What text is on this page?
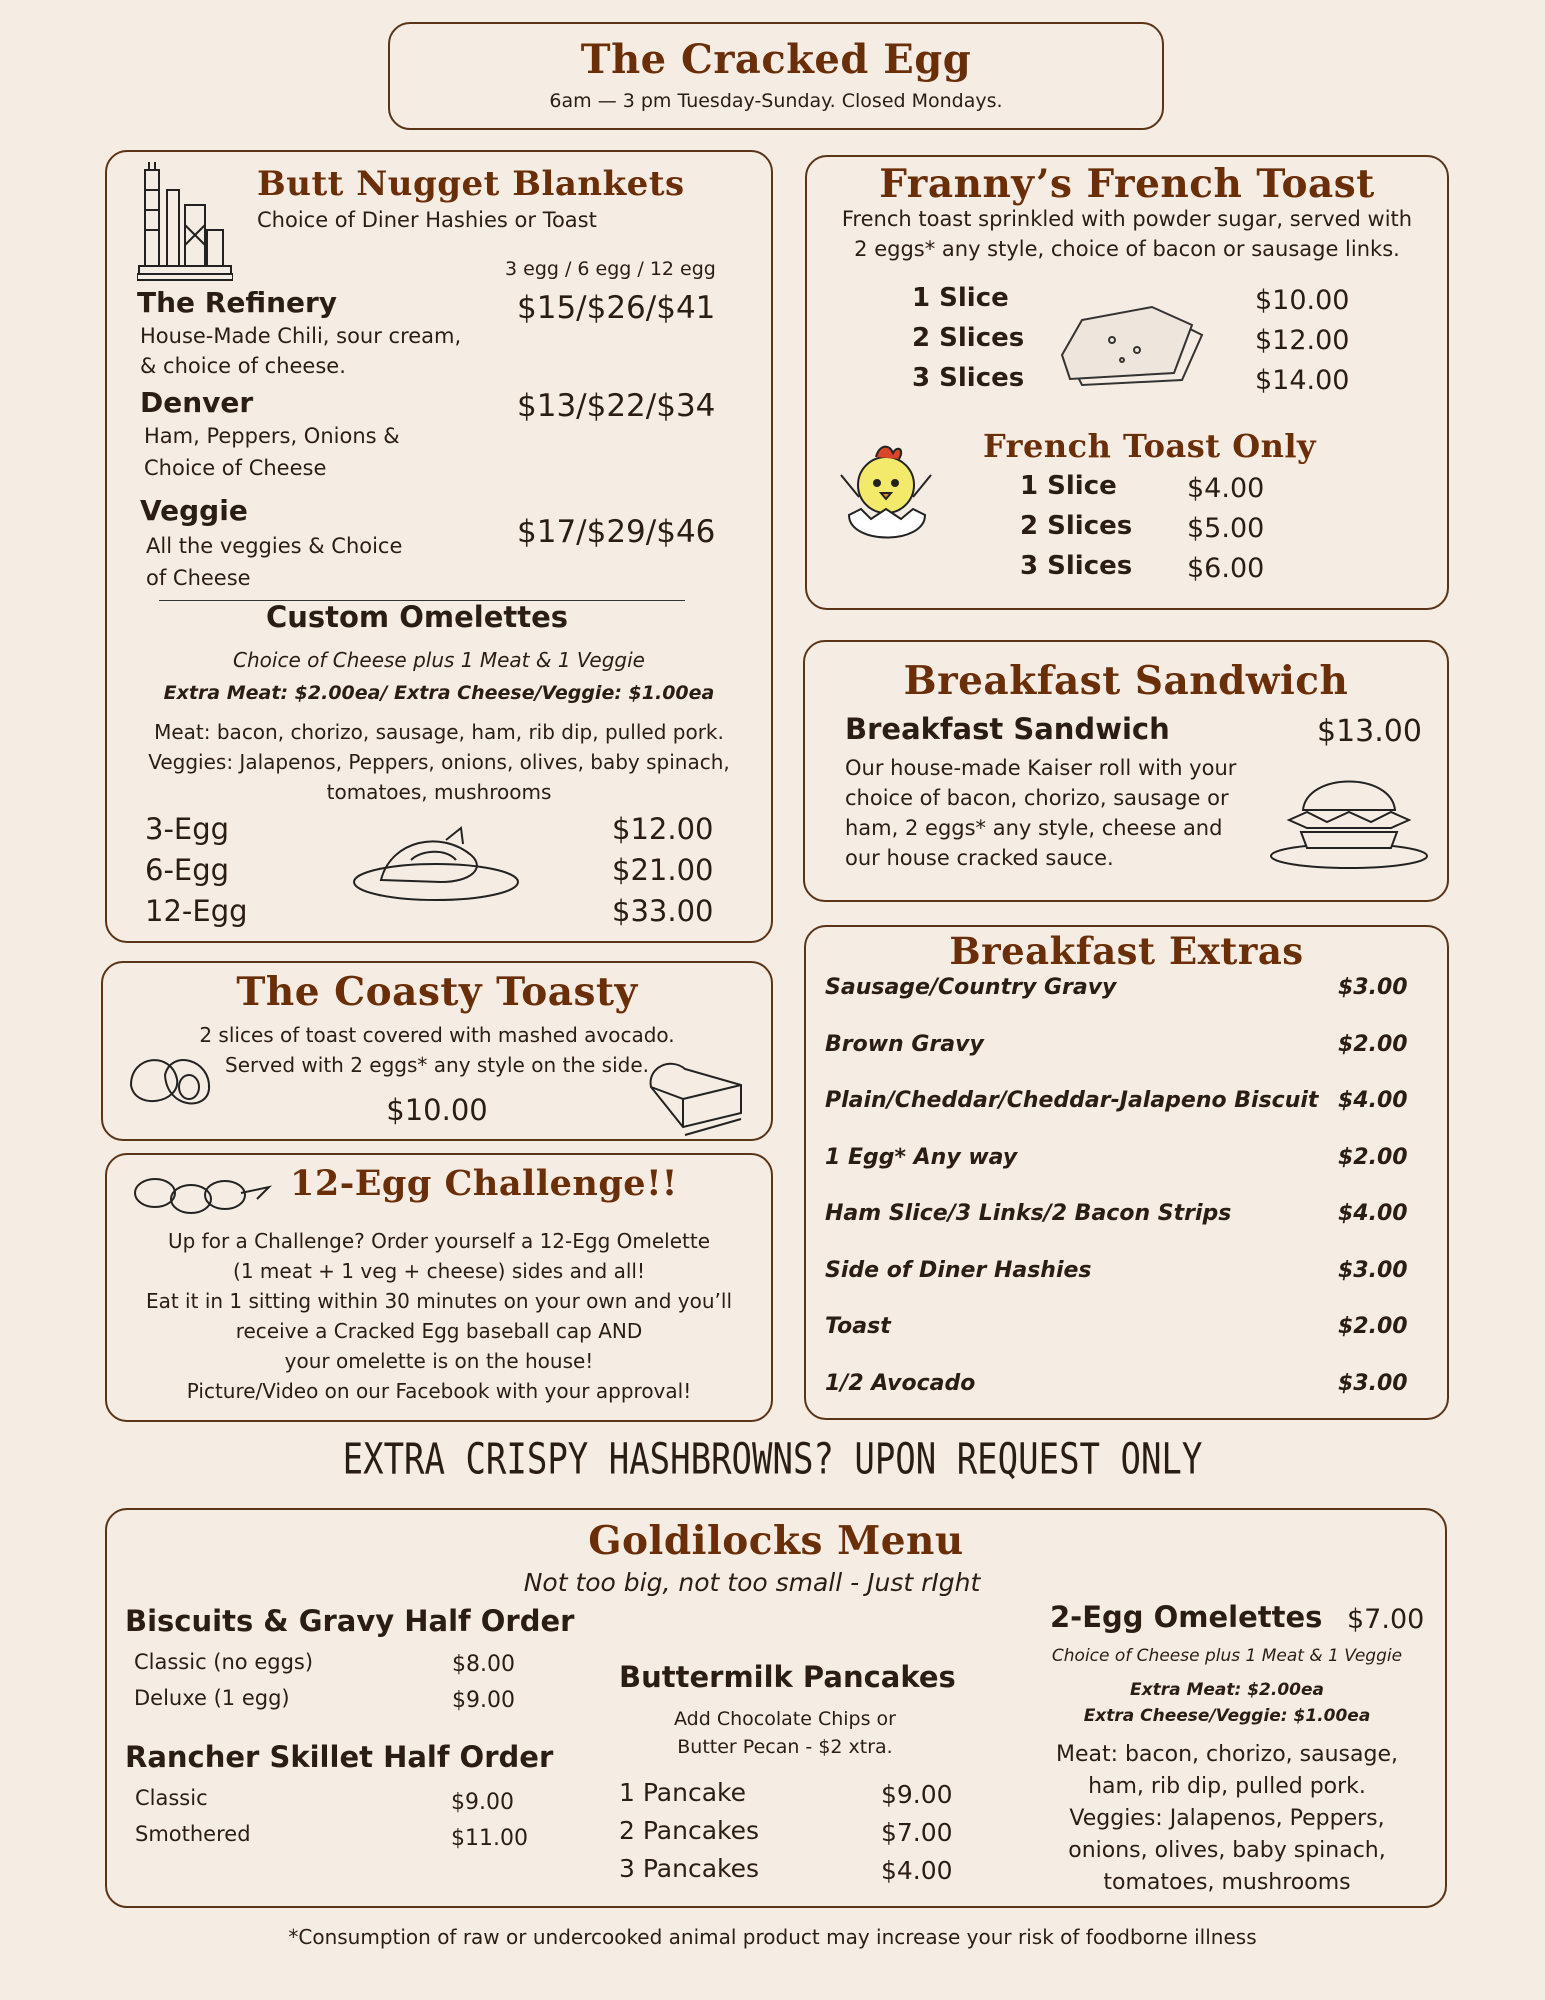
The Cracked Egg
6am — 3 pm Tuesday-Sunday. Closed Mondays.
Butt Nugget Blankets
Choice of Diner Hashies or Toast
3 egg / 6 egg / 12 egg
The Refinery	$15/$26/$41
House-Made Chili, sour cream,
& choice of cheese.
Denver	$13/$22/$34
Ham, Peppers, Onions &
Choice of Cheese
Veggie
$17/$29/$46
All the veggies & Choice
of Cheese
Custom Omelettes
Choice of Cheese plus 1 Meat & 1 Veggie
Extra Meat: $2.00ea/ Extra Cheese/Veggie: $1.00ea
Meat: bacon, chorizo, sausage, ham, rib dip, pulled pork.
Veggies: Jalapenos, Peppers, onions, olives, baby spinach,
tomatoes, mushrooms
3-Egg	$12.00
6-Egg	$21.00
12-Egg	$33.00
Franny’s French Toast
French toast sprinkled with powder sugar, served with
2 eggs* any style, choice of bacon or sausage links.
1 Slice	$10.00
2 Slices	$12.00
3 Slices	$14.00
French Toast Only
1 Slice	$4.00
2 Slices $5.00
3 Slices $6.00
Breakfast Sandwich
Breakfast Sandwich	$13.00
Our house-made Kaiser roll with your
choice of bacon, chorizo, sausage or
ham, 2 eggs* any style, cheese and
our house cracked sauce.
Breakfast Extras
Sausage/Country Gravy	$3.00
Brown Gravy	$2.00
Plain/Cheddar/Cheddar-Jalapeno Biscuit $4.00
1 Egg* Any way	$2.00
Ham Slice/3 Links/2 Bacon Strips	$4.00
Side of Diner Hashies	$3.00
Toast	$2.00
1/2 Avocado	$3.00
The Coasty Toasty
2 slices of toast covered with mashed avocado.
Served with 2 eggs* any style on the side.
$10.00
12-Egg Challenge!!
Up for a Challenge? Order yourself a 12-Egg Omelette
(1 meat + 1 veg + cheese) sides and all!
Eat it in 1 sitting within 30 minutes on your own and you’ll
receive a Cracked Egg baseball cap AND
your omelette is on the house!
Picture/Video on our Facebook with your approval!
EXTRA CRISPY HASHBROWNS? UPON REQUEST ONLY
Goldilocks Menu
Not too big, not too small - Just rIght
Biscuits & Gravy Half Order
Classic (no eggs)	$8.00
Deluxe (1 egg)	$9.00
Rancher Skillet Half Order
Classic	$9.00
Smothered	$11.00
Buttermilk Pancakes
Add Chocolate Chips or
Butter Pecan - $2 xtra.
1 Pancake	$9.00
2 Pancakes	$7.00
3 Pancakes	$4.00
2-Egg Omelettes $7.00
Choice of Cheese plus 1 Meat & 1 Veggie
Extra Meat: $2.00ea
Extra Cheese/Veggie: $1.00ea
Meat: bacon, chorizo, sausage,
ham, rib dip, pulled pork.
Veggies: Jalapenos, Peppers,
onions, olives, baby spinach,
tomatoes, mushrooms
*Consumption of raw or undercooked animal product may increase your risk of foodborne illness
